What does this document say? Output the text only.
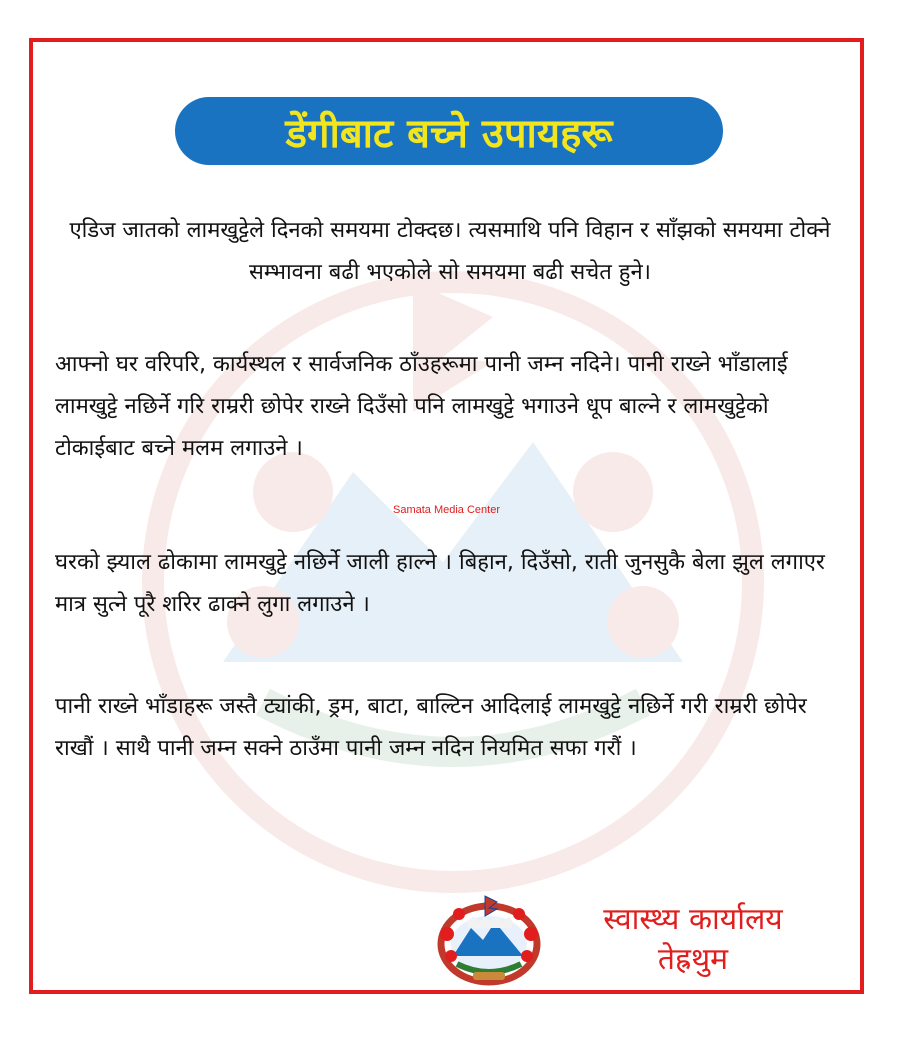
डेंगीबाट बच्ने उपायहरू
एडिज जातको लामखुट्टेले दिनको समयमा टोक्दछ। त्यसमाथि पनि विहान र साँझको समयमा टोक्ने सम्भावना बढी भएकोले सो समयमा बढी सचेत हुने।
आफ्नो घर वरिपरि, कार्यस्थल र सार्वजनिक ठाँउहरूमा पानी जम्न नदिने। पानी राख्ने भाँडालाई लामखुट्टे नछिर्ने गरि राम्ररी छोपेर राख्ने दिउँसो पनि लामखुट्टे भगाउने धूप बाल्ने र लामखुट्टेको टोकाईबाट बच्ने मलम लगाउने ।
Samata Media Center
घरको झ्याल ढोकामा लामखुट्टे नछिर्ने जाली हाल्ने । बिहान, दिउँसो, राती जुनसुकै बेला झुल लगाएर मात्र सुत्ने पूरै शरिर ढाक्ने लुगा लगाउने ।
पानी राख्ने भाँडाहरू जस्तै ट्यांकी, ड्रम, बाटा, बाल्टिन आदिलाई लामखुट्टे नछिर्ने गरी राम्ररी छोपेर राखौं । साथै पानी जम्न सक्ने ठाउँमा पानी जम्न नदिन नियमित सफा गरौं ।
स्वास्थ्य कार्यालय
तेह्रथुम
